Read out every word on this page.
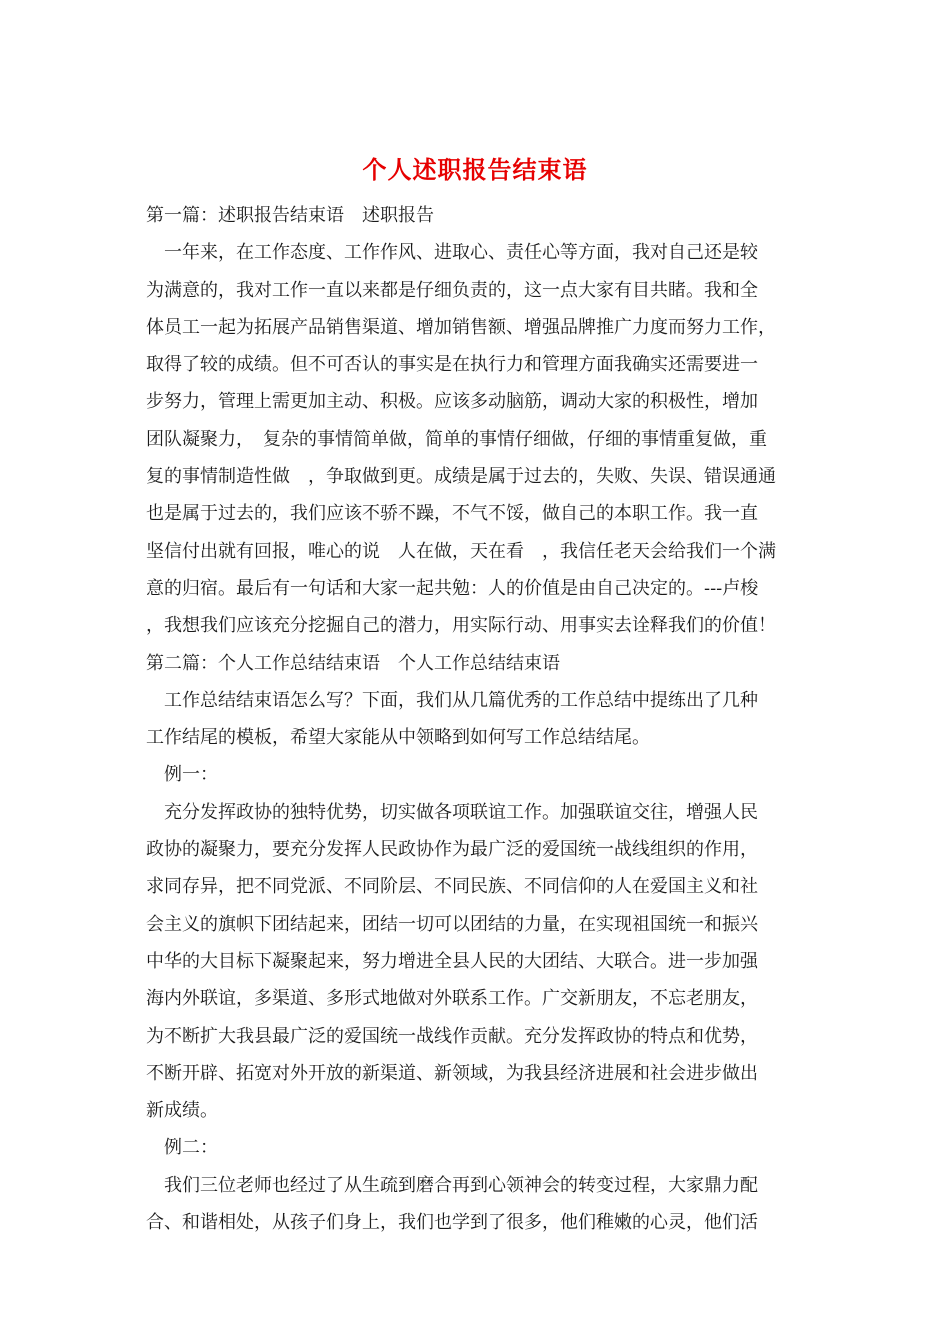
个人述职报告结束语
第一篇：述职报告结束语　述职报告
一年来，在工作态度、工作作风、进取心、责任心等方面，我对自己还是较
为满意的，我对工作一直以来都是仔细负责的，这一点大家有目共睹。我和全
体员工一起为拓展产品销售渠道、增加销售额、增强品牌推广力度而努力工作，
取得了较的成绩。但不可否认的事实是在执行力和管理方面我确实还需要进一
步努力，管理上需更加主动、积极。应该多动脑筋，调动大家的积极性，增加
团队凝聚力，　复杂的事情简单做，简单的事情仔细做，仔细的事情重复做，重
复的事情制造性做　，争取做到更。成绩是属于过去的，失败、失误、错误通通
也是属于过去的，我们应该不骄不躁，不气不馁，做自己的本职工作。我一直
坚信付出就有回报，唯心的说　人在做，天在看　，我信任老天会给我们一个满
意的归宿。最后有一句话和大家一起共勉：人的价值是由自己决定的。---卢梭
，我想我们应该充分挖掘自己的潜力，用实际行动、用事实去诠释我们的价值！
第二篇：个人工作总结结束语　个人工作总结结束语
工作总结结束语怎么写？下面，我们从几篇优秀的工作总结中提练出了几种
工作结尾的模板，希望大家能从中领略到如何写工作总结结尾。
例一：
充分发挥政协的独特优势，切实做各项联谊工作。加强联谊交往，增强人民
政协的凝聚力，要充分发挥人民政协作为最广泛的爱国统一战线组织的作用，
求同存异，把不同党派、不同阶层、不同民族、不同信仰的人在爱国主义和社
会主义的旗帜下团结起来，团结一切可以团结的力量，在实现祖国统一和振兴
中华的大目标下凝聚起来，努力增进全县人民的大团结、大联合。进一步加强
海内外联谊，多渠道、多形式地做对外联系工作。广交新朋友，不忘老朋友，
为不断扩大我县最广泛的爱国统一战线作贡献。充分发挥政协的特点和优势，
不断开辟、拓宽对外开放的新渠道、新领域，为我县经济进展和社会进步做出
新成绩。
例二：
我们三位老师也经过了从生疏到磨合再到心领神会的转变过程，大家鼎力配
合、和谐相处，从孩子们身上，我们也学到了很多，他们稚嫩的心灵，他们活
